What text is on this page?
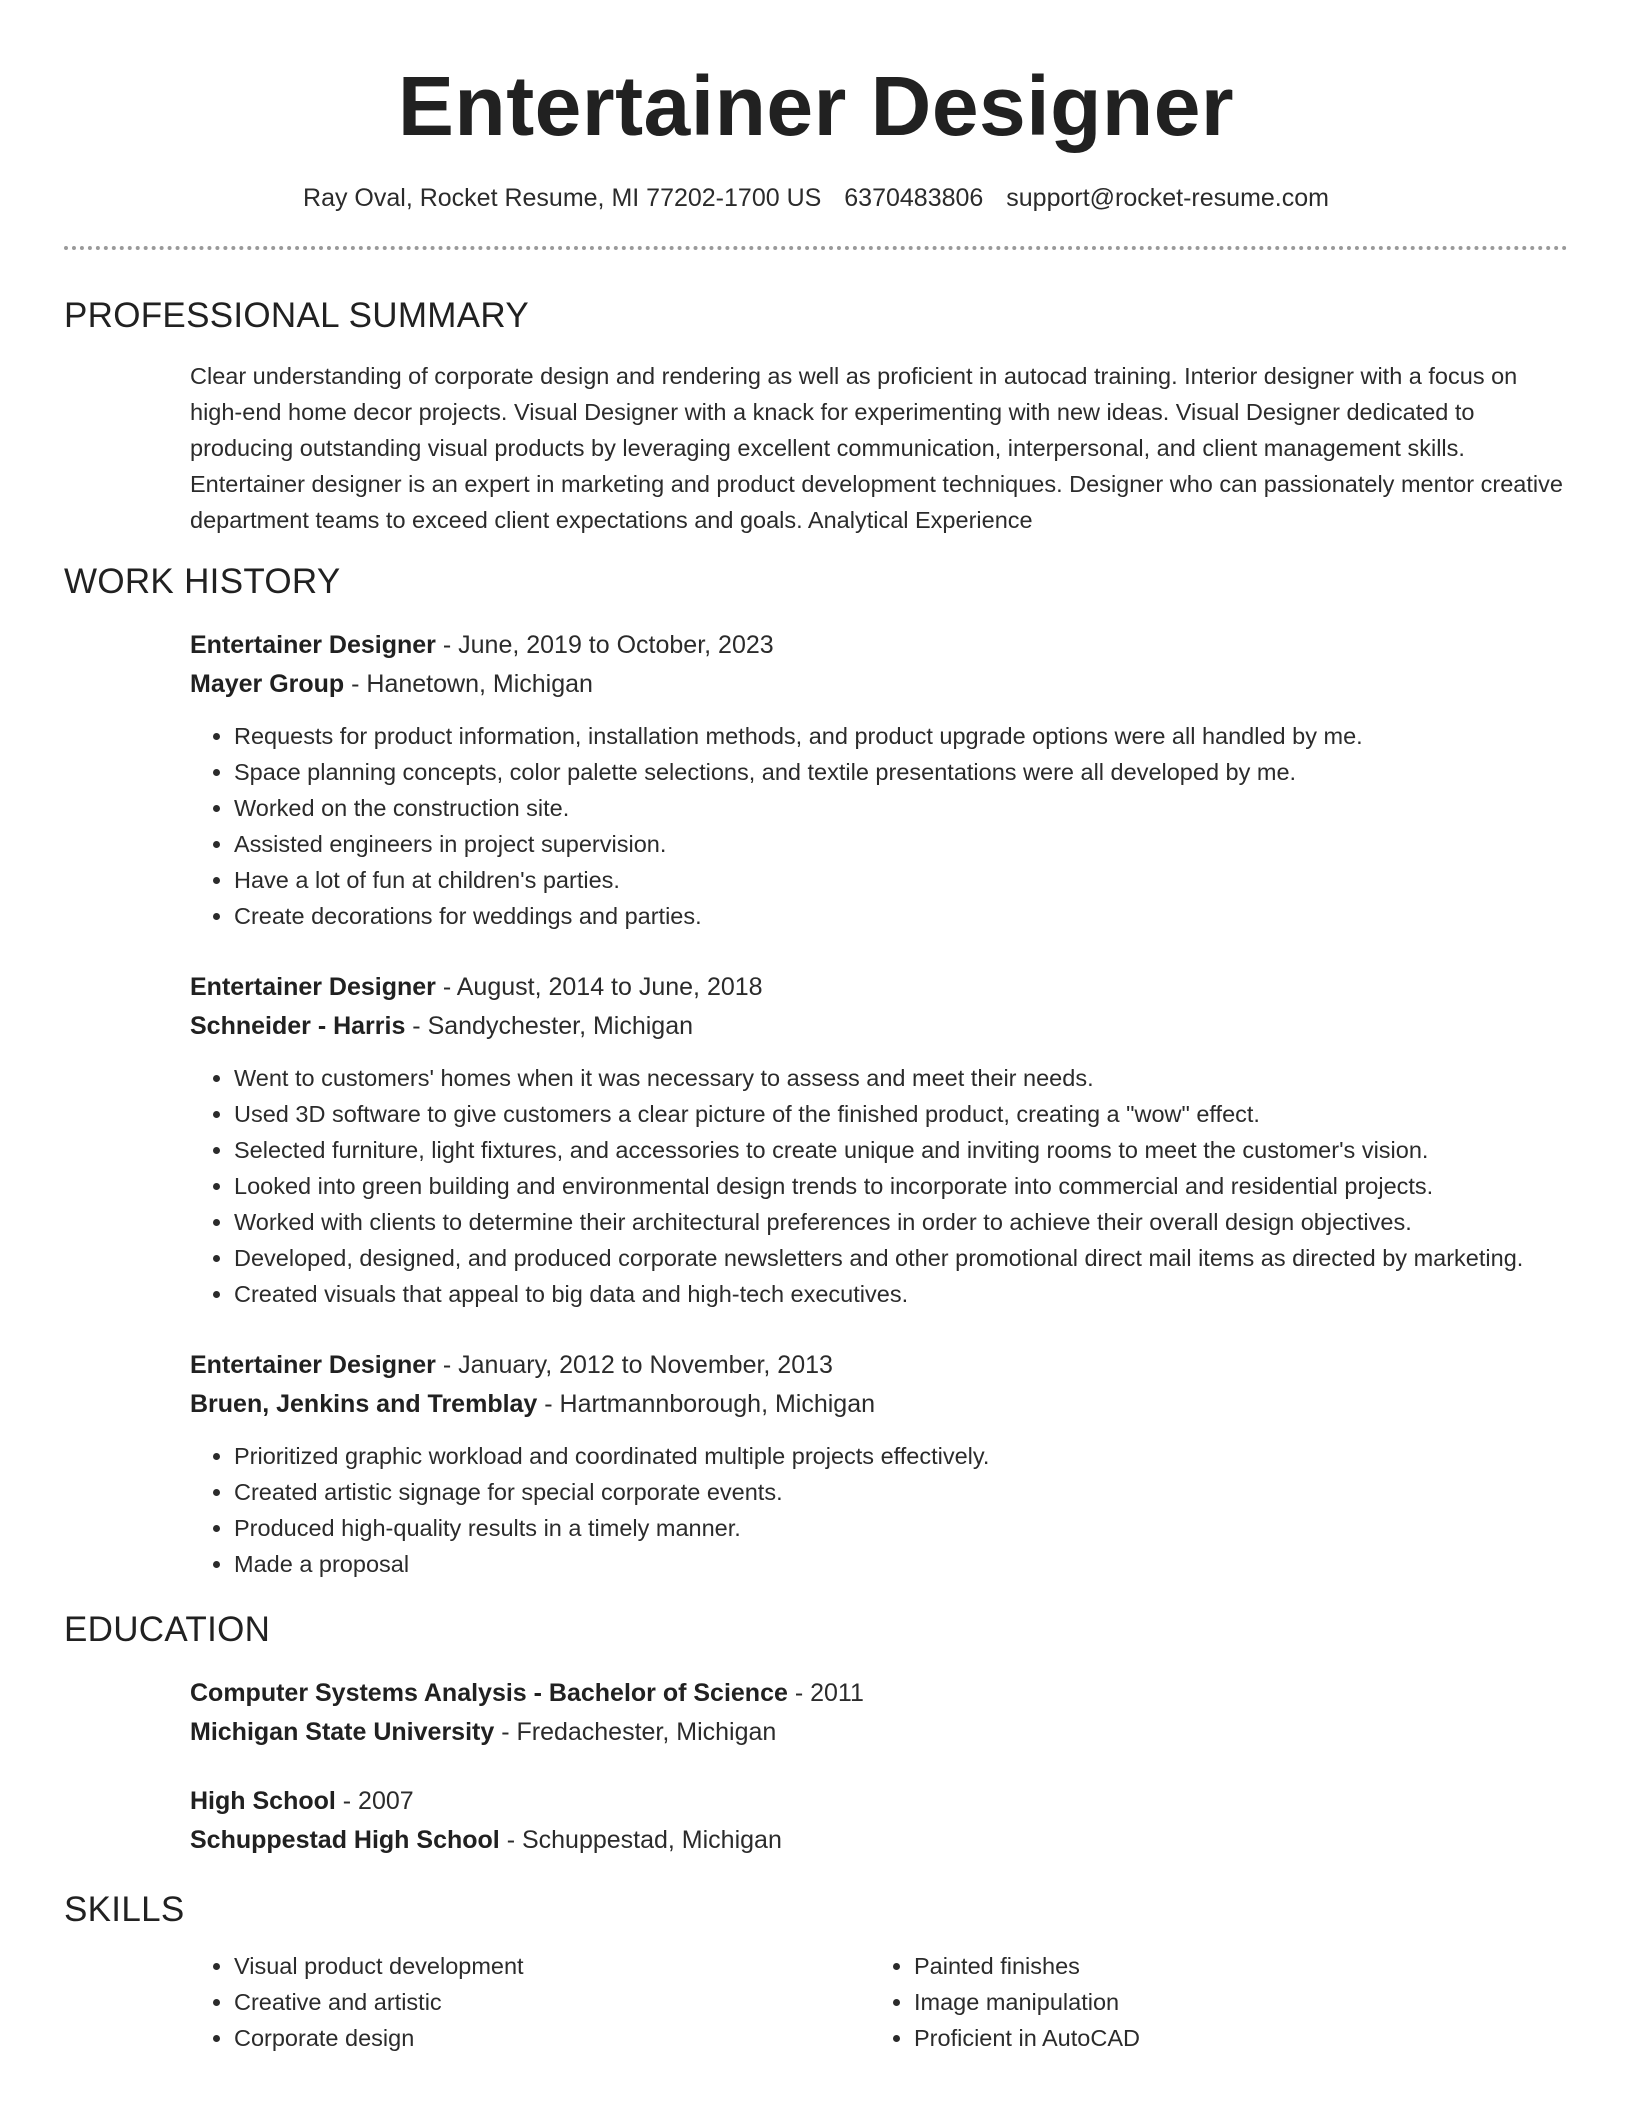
Entertainer Designer
Ray Oval, Rocket Resume, MI 77202-1700 US 6370483806 support@rocket-resume.com
PROFESSIONAL SUMMARY
Clear understanding of corporate design and rendering as well as proficient in autocad training. Interior designer with a focus on high-end home decor projects. Visual Designer with a knack for experimenting with new ideas. Visual Designer dedicated to producing outstanding visual products by leveraging excellent communication, interpersonal, and client management skills. Entertainer designer is an expert in marketing and product development techniques. Designer who can passionately mentor creative department teams to exceed client expectations and goals. Analytical Experience
WORK HISTORY
Entertainer Designer - June, 2019 to October, 2023
Mayer Group - Hanetown, Michigan
• Requests for product information, installation methods, and product upgrade options were all handled by me.
• Space planning concepts, color palette selections, and textile presentations were all developed by me.
• Worked on the construction site.
• Assisted engineers in project supervision.
• Have a lot of fun at children's parties.
• Create decorations for weddings and parties.
Entertainer Designer - August, 2014 to June, 2018
Schneider - Harris - Sandychester, Michigan
• Went to customers' homes when it was necessary to assess and meet their needs.
• Used 3D software to give customers a clear picture of the finished product, creating a "wow" effect.
• Selected furniture, light fixtures, and accessories to create unique and inviting rooms to meet the customer's vision.
• Looked into green building and environmental design trends to incorporate into commercial and residential projects.
• Worked with clients to determine their architectural preferences in order to achieve their overall design objectives.
• Developed, designed, and produced corporate newsletters and other promotional direct mail items as directed by marketing.
• Created visuals that appeal to big data and high-tech executives.
Entertainer Designer - January, 2012 to November, 2013
Bruen, Jenkins and Tremblay - Hartmannborough, Michigan
• Prioritized graphic workload and coordinated multiple projects effectively.
• Created artistic signage for special corporate events.
• Produced high-quality results in a timely manner.
• Made a proposal
EDUCATION
Computer Systems Analysis - Bachelor of Science - 2011
Michigan State University - Fredachester, Michigan
High School - 2007
Schuppestad High School - Schuppestad, Michigan
SKILLS
• Visual product development
• Creative and artistic
• Corporate design
• Painted finishes
• Image manipulation
• Proficient in AutoCAD
